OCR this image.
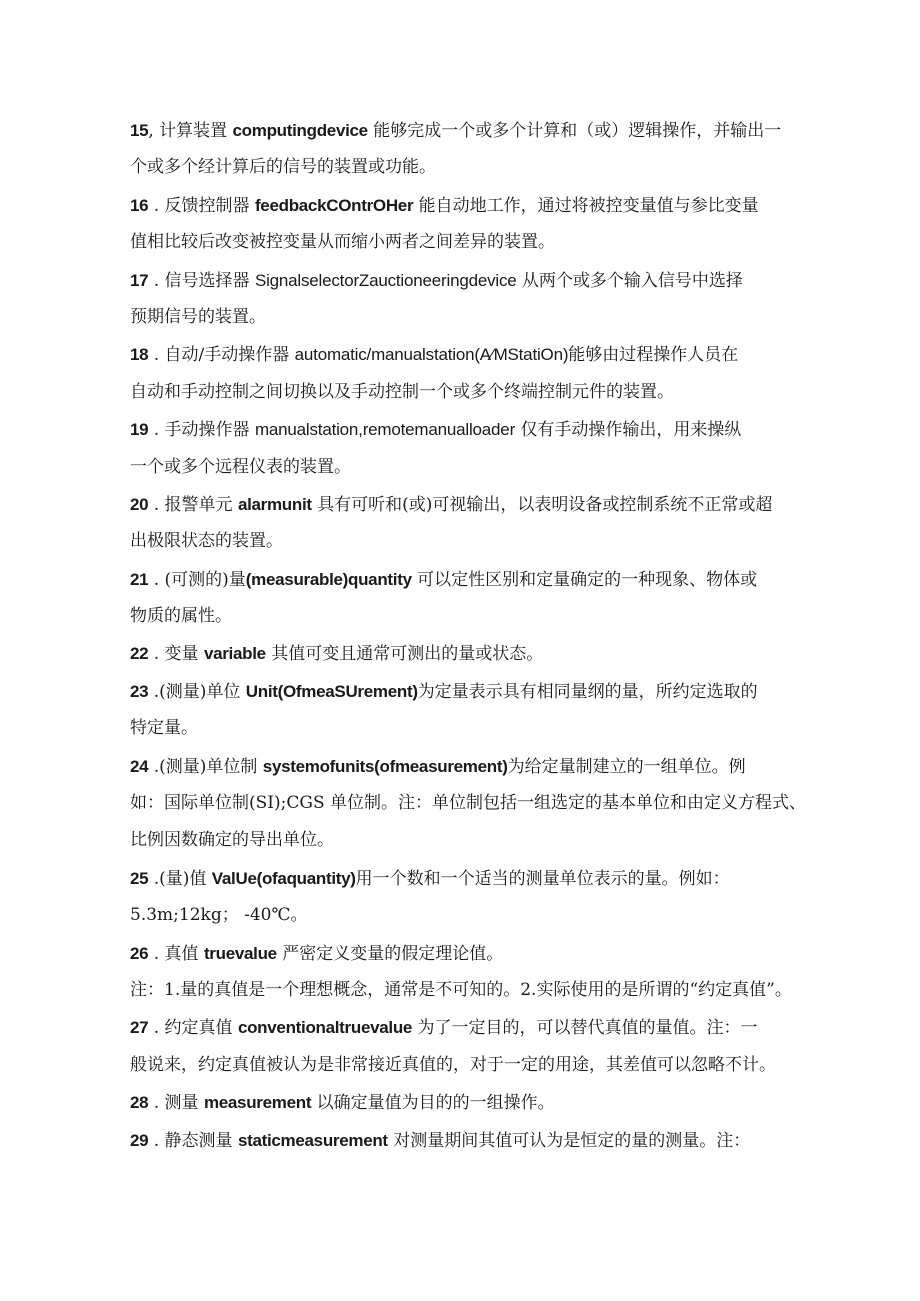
15, 计算装置 computingdevice 能够完成一个或多个计算和（或）逻辑操作，并输出一
个或多个经计算后的信号的装置或功能。
16 . 反馈控制器 feedbackCOntrOHer 能自动地工作，通过将被控变量值与参比变量
值相比较后改变被控变量从而缩小两者之间差异的装置。
17 . 信号选择器 SignalselectorZauctioneeringdevice 从两个或多个输入信号中选择
预期信号的装置。
18 . 自动/手动操作器 automatic/manualstation(A⁄MStatiOn)能够由过程操作人员在
自动和手动控制之间切换以及手动控制一个或多个终端控制元件的装置。
19 . 手动操作器 manualstation,remotemanualloader 仅有手动操作输出，用来操纵
一个或多个远程仪表的装置。
20 . 报警单元 alarmunit 具有可听和(或)可视输出，以表明设备或控制系统不正常或超
出极限状态的装置。
21 . (可测的)量(measurable)quantity 可以定性区别和定量确定的一种现象、物体或
物质的属性。
22 . 变量 variable 其值可变且通常可测出的量或状态。
23 .(测量)单位 Unit(OfmeaSUrement)为定量表示具有相同量纲的量，所约定选取的
特定量。
24 .(测量)单位制 systemofunits(ofmeasurement)为给定量制建立的一组单位。例
如：国际单位制(SI);CGS 单位制。注：单位制包括一组选定的基本单位和由定义方程式、
比例因数确定的导出单位。
25 .(量)值 ValUe(ofaquantity)用一个数和一个适当的测量单位表示的量。例如：
5.3m;12kg； -40℃。
26 . 真值 truevalue 严密定义变量的假定理论值。
注：1.量的真值是一个理想概念，通常是不可知的。2.实际使用的是所谓的“约定真值”。
27 . 约定真值 conventionaltruevalue 为了一定目的，可以替代真值的量值。注：一
般说来，约定真值被认为是非常接近真值的，对于一定的用途，其差值可以忽略不计。
28 . 测量 measurement 以确定量值为目的的一组操作。
29 . 静态测量 staticmeasurement 对测量期间其值可认为是恒定的量的测量。注：
